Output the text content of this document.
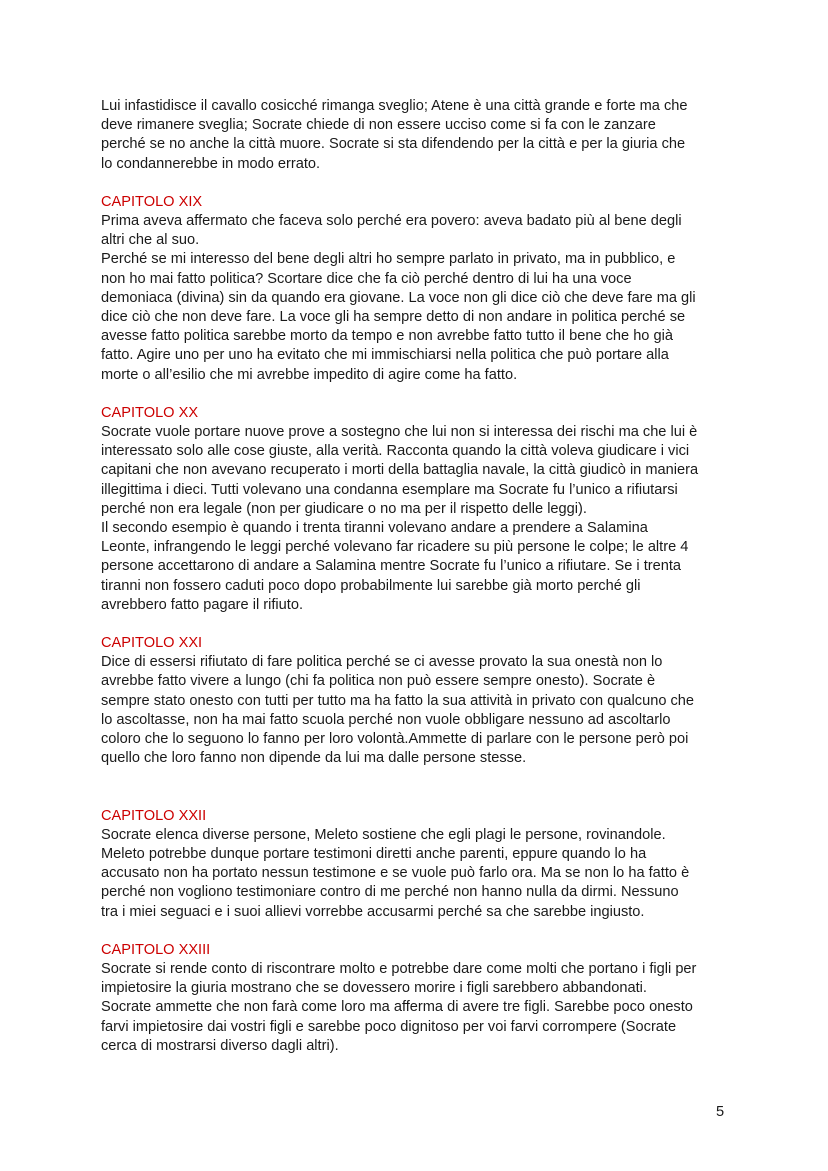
Lui infastidisce il cavallo cosicché rimanga sveglio; Atene è una città grande e forte ma che
deve rimanere sveglia; Socrate chiede di non essere ucciso come si fa con le zanzare
perché se no anche la città muore. Socrate si sta difendendo per la città e per la giuria che
lo condannerebbe in modo errato.

CAPITOLO XIX

Prima aveva affermato che faceva solo perché era povero: aveva badato più al bene degli
altri che al suo.
Perché se mi interesso del bene degli altri ho sempre parlato in privato, ma in pubblico, e
non ho mai fatto politica? Scortare dice che fa ciò perché dentro di lui ha una voce
demoniaca (divina) sin da quando era giovane. La voce non gli dice ciò che deve fare ma gli
dice ciò che non deve fare. La voce gli ha sempre detto di non andare in politica perché se
avesse fatto politica sarebbe morto da tempo e non avrebbe fatto tutto il bene che ho già
fatto. Agire uno per uno ha evitato che mi immischiarsi nella politica che può portare alla
morte o all’esilio che mi avrebbe impedito di agire come ha fatto.

CAPITOLO XX

Socrate vuole portare nuove prove a sostegno che lui non si interessa dei rischi ma che lui è
interessato solo alle cose giuste, alla verità. Racconta quando la città voleva giudicare i vici
capitani che non avevano recuperato i morti della battaglia navale, la città giudicò in maniera
illegittima i dieci. Tutti volevano una condanna esemplare ma Socrate fu l’unico a rifiutarsi
perché non era legale (non per giudicare o no ma per il rispetto delle leggi).
Il secondo esempio è quando i trenta tiranni volevano andare a prendere a Salamina
Leonte, infrangendo le leggi perché volevano far ricadere su più persone le colpe; le altre 4
persone accettarono di andare a Salamina mentre Socrate fu l’unico a rifiutare. Se i trenta
tiranni non fossero caduti poco dopo probabilmente lui sarebbe già morto perché gli
avrebbero fatto pagare il rifiuto.

CAPITOLO XXI

Dice di essersi rifiutato di fare politica perché se ci avesse provato la sua onestà non lo
avrebbe fatto vivere a lungo (chi fa politica non può essere sempre onesto). Socrate è
sempre stato onesto con tutti per tutto ma ha fatto la sua attività in privato con qualcuno che
lo ascoltasse, non ha mai fatto scuola perché non vuole obbligare nessuno ad ascoltarlo
coloro che lo seguono lo fanno per loro volontà.Ammette di parlare con le persone però poi
quello che loro fanno non dipende da lui ma dalle persone stesse.

CAPITOLO XXII

Socrate elenca diverse persone, Meleto sostiene che egli plagi le persone, rovinandole.
Meleto potrebbe dunque portare testimoni diretti anche parenti, eppure quando lo ha
accusato non ha portato nessun testimone e se vuole può farlo ora. Ma se non lo ha fatto è
perché non vogliono testimoniare contro di me perché non hanno nulla da dirmi. Nessuno
tra i miei seguaci e i suoi allievi vorrebbe accusarmi perché sa che sarebbe ingiusto.

CAPITOLO XXIII

Socrate si rende conto di riscontrare molto e potrebbe dare come molti che portano i figli per
impietosire la giuria mostrano che se dovessero morire i figli sarebbero abbandonati.
Socrate ammette che non farà come loro ma afferma di avere tre figli. Sarebbe poco onesto
farvi impietosire dai vostri figli e sarebbe poco dignitoso per voi farvi corrompere (Socrate
cerca di mostrarsi diverso dagli altri).

5
